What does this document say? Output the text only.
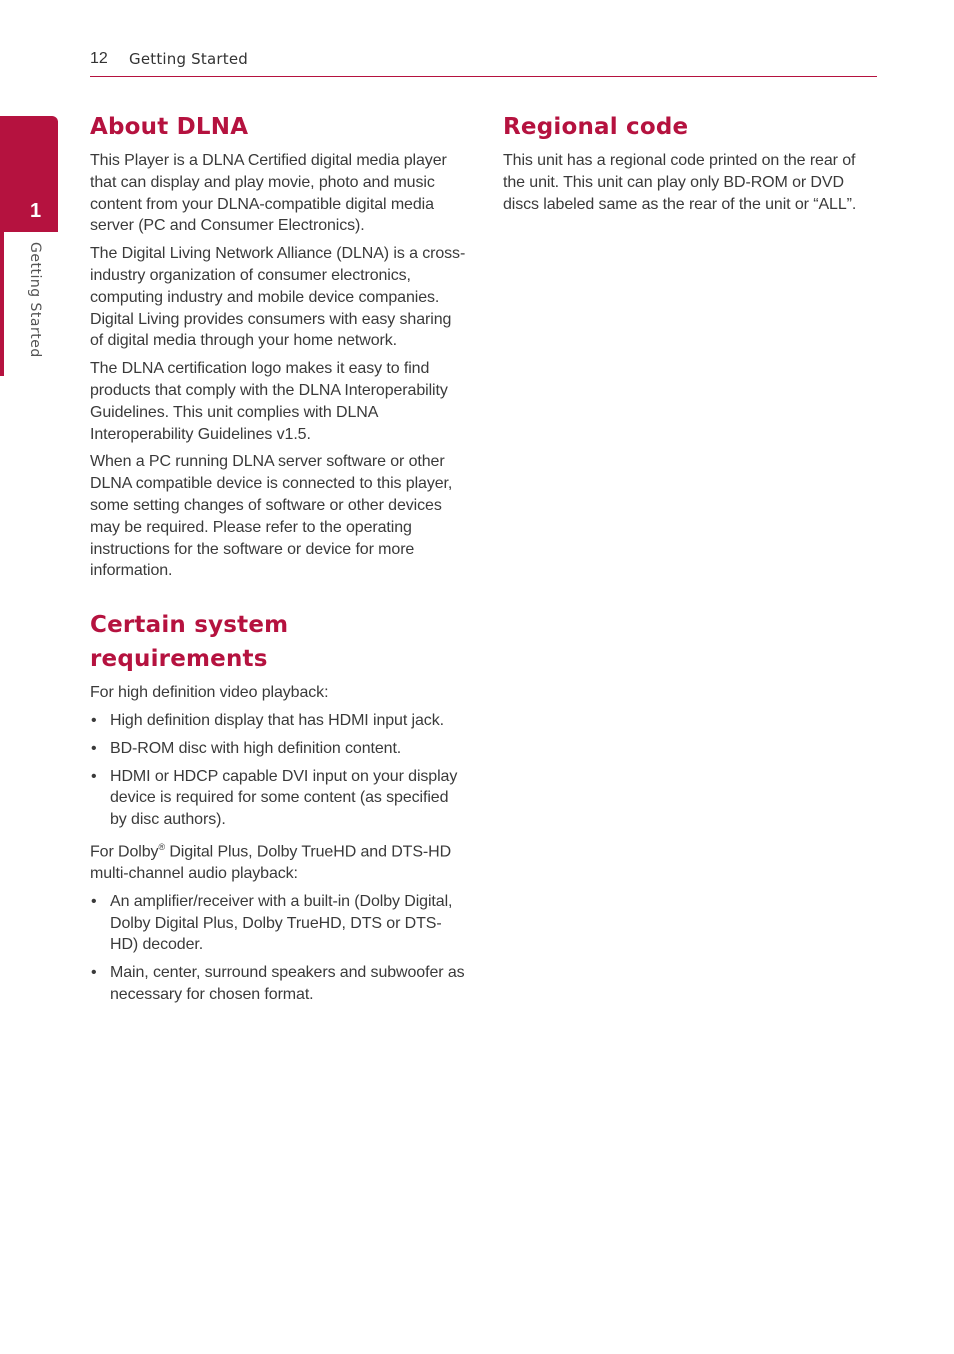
12 Getting Started
1
Getting Started
About DLNA

This Player is a DLNA Certified digital media player that can display and play movie, photo and music content from your DLNA-compatible digital media server (PC and Consumer Electronics).

The Digital Living Network Alliance (DLNA) is a cross-industry organization of consumer electronics, computing industry and mobile device companies. Digital Living provides consumers with easy sharing of digital media through your home network.

The DLNA certification logo makes it easy to find products that comply with the DLNA Interoperability Guidelines. This unit complies with DLNA Interoperability Guidelines v1.5.

When a PC running DLNA server software or other DLNA compatible device is connected to this player, some setting changes of software or other devices may be required. Please refer to the operating instructions for the software or device for more information.

Certain system requirements

For high definition video playback:

• High definition display that has HDMI input jack.
• BD-ROM disc with high definition content.
• HDMI or HDCP capable DVI input on your display device is required for some content (as specified by disc authors).

For Dolby® Digital Plus, Dolby TrueHD and DTS-HD multi-channel audio playback:

• An amplifier/receiver with a built-in (Dolby Digital, Dolby Digital Plus, Dolby TrueHD, DTS or DTS-HD) decoder.
• Main, center, surround speakers and subwoofer as necessary for chosen format.
Regional code

This unit has a regional code printed on the rear of the unit. This unit can play only BD-ROM or DVD discs labeled same as the rear of the unit or “ALL”.
